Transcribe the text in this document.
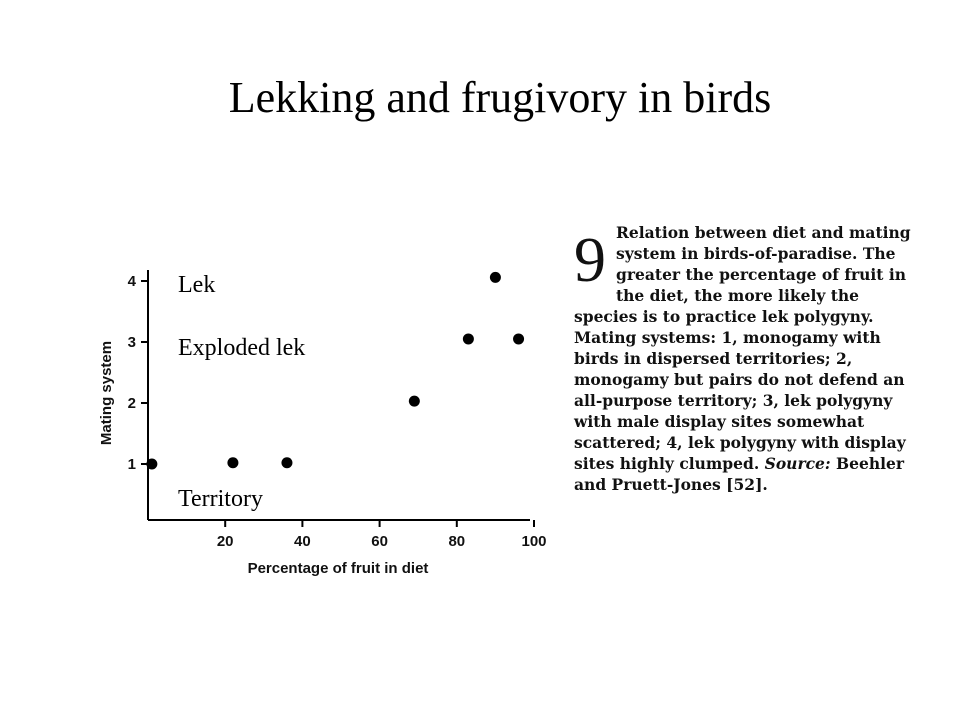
Lekking and frugivory in birds
1
2
3
4
20	40	60	80	100
Percentage of fruit in diet
Mating system
Lek
Exploded lek
Territory
9 Relation between diet and mating system in birds-of-paradise. The greater the percentage of fruit in the diet, the more likely the species is to practice lek polygyny. Mating systems: 1, monogamy with birds in dispersed territories; 2, monogamy but pairs do not defend an all-purpose territory; 3, lek polygyny with male display sites somewhat scattered; 4, lek polygyny with display sites highly clumped. Source: Beehler and Pruett-Jones [52].
